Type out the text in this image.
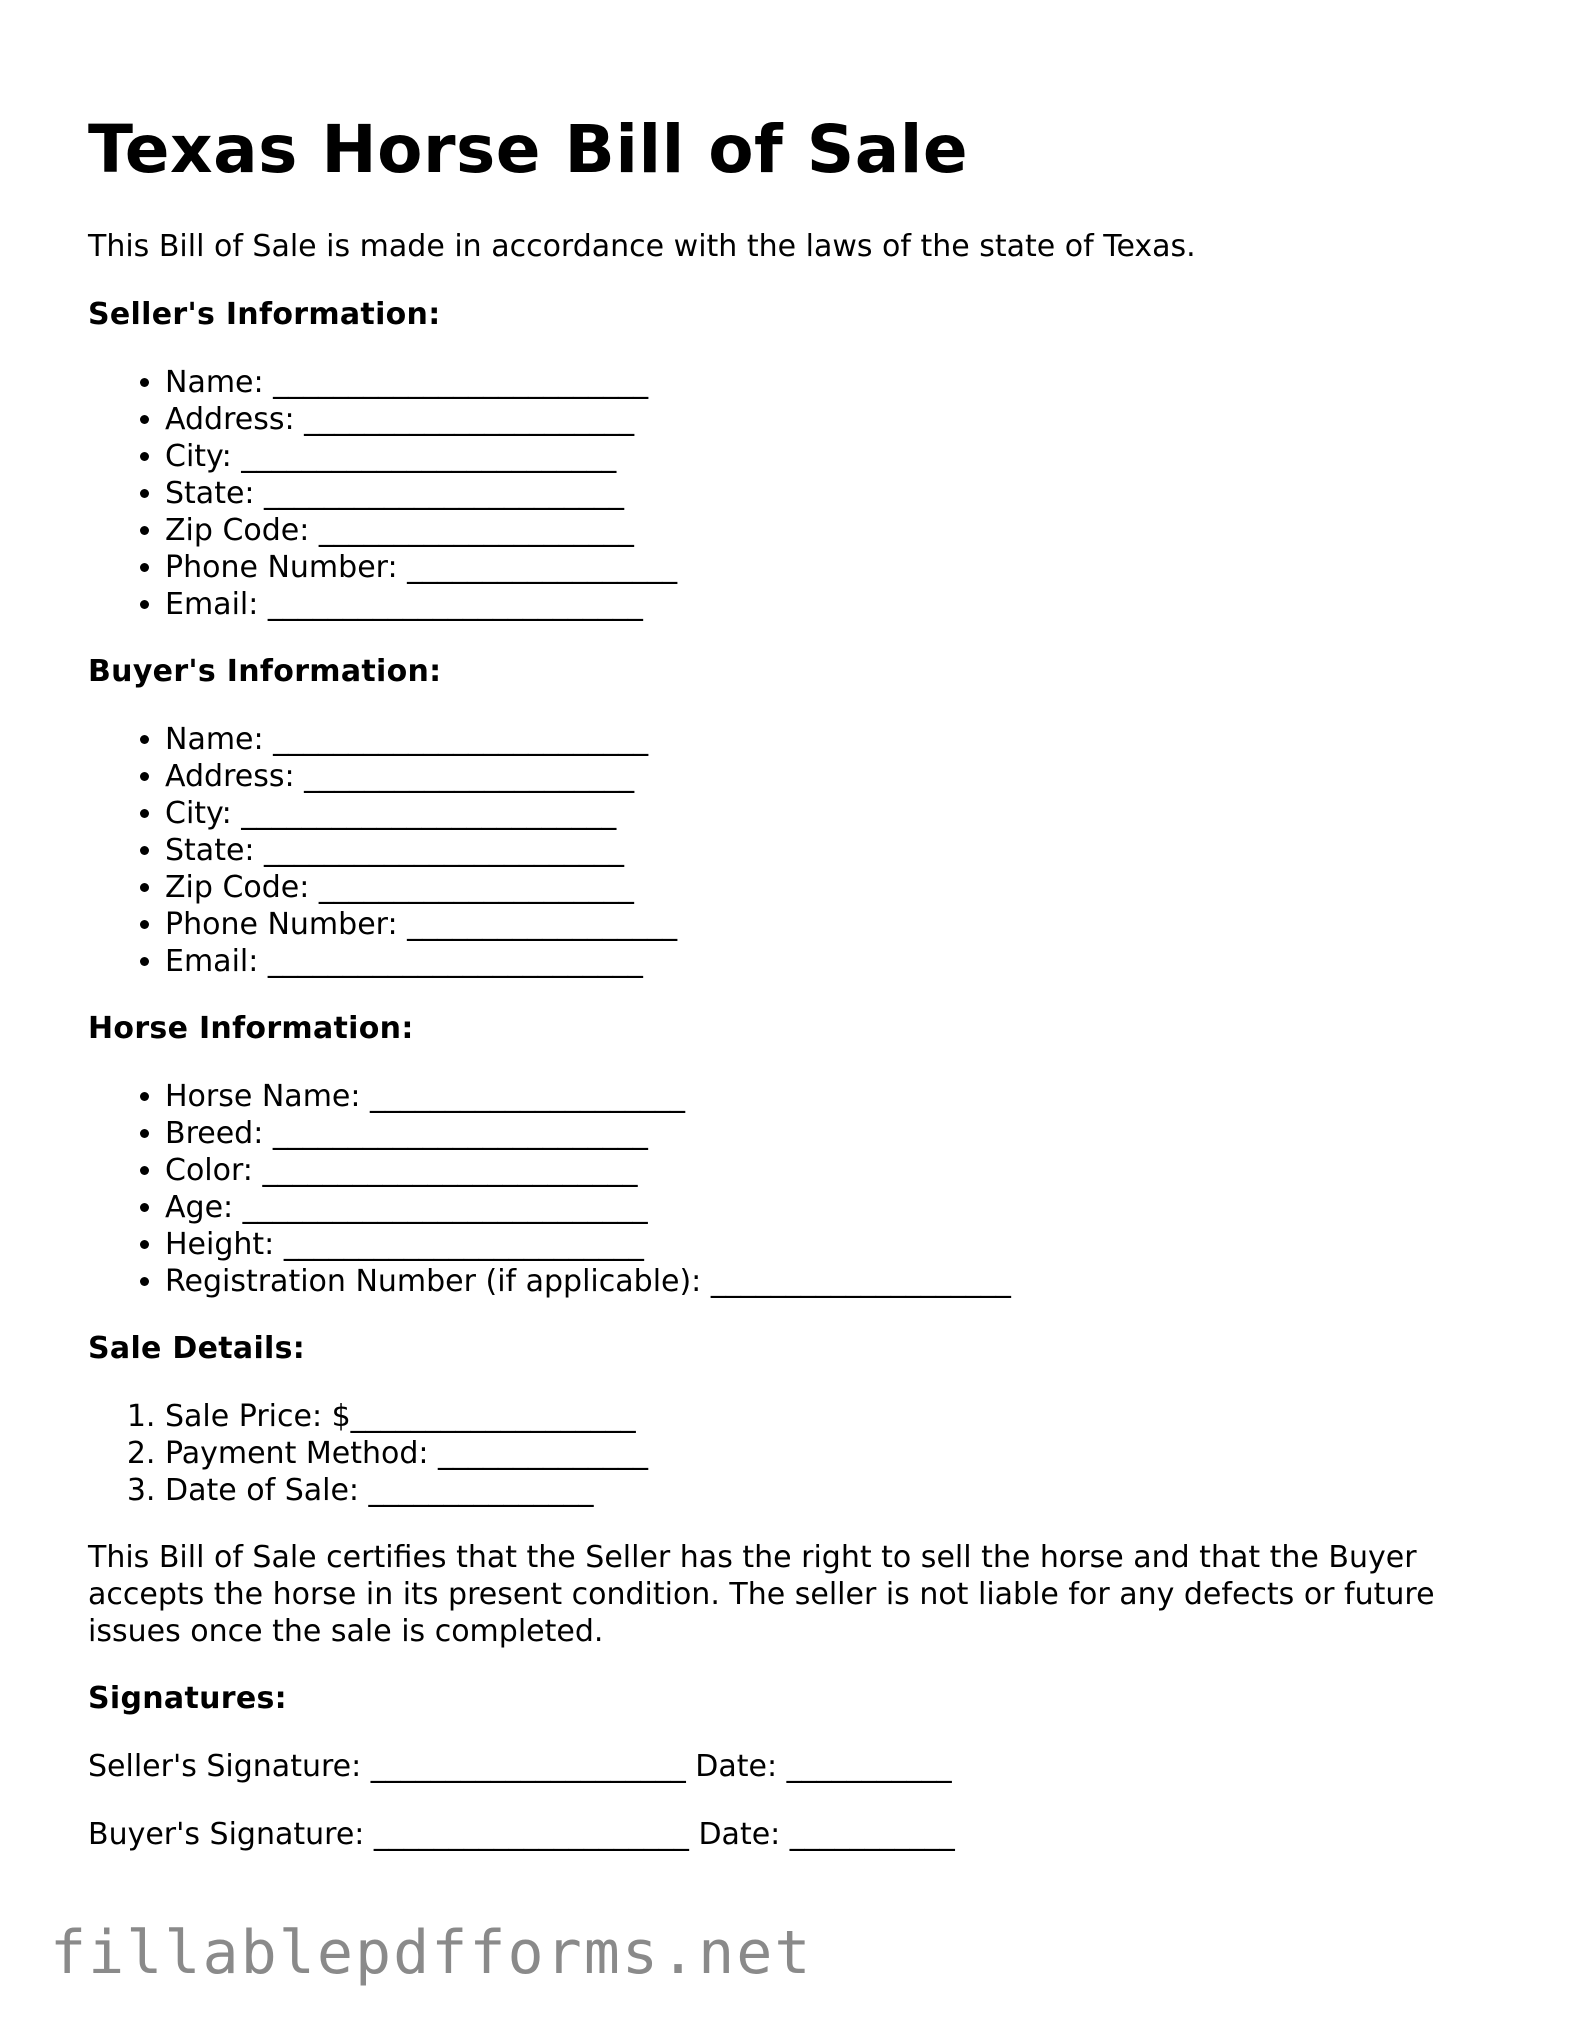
Texas Horse Bill of Sale

This Bill of Sale is made in accordance with the laws of the state of Texas.

Seller's Information:
• Name: _________________________
• Address: ______________________
• City: _________________________
• State: ________________________
• Zip Code: _____________________
• Phone Number: __________________
• Email: _________________________
Buyer's Information:
• Name: _________________________
• Address: ______________________
• City: _________________________
• State: ________________________
• Zip Code: _____________________
• Phone Number: __________________
• Email: _________________________
Horse Information:
• Horse Name: _____________________
• Breed: _________________________
• Color: _________________________
• Age: ___________________________
• Height: ________________________
• Registration Number (if applicable): ____________________
Sale Details:
1. Sale Price: $___________________
2. Payment Method: ______________
3. Date of Sale: _______________

This Bill of Sale certifies that the Seller has the right to sell the horse and that the Buyer accepts the horse in its present condition. The seller is not liable for any defects or future issues once the sale is completed.

Signatures:

Seller's Signature: _____________________ Date: ___________

Buyer's Signature: _____________________ Date: ___________

fillablepdfforms.net
